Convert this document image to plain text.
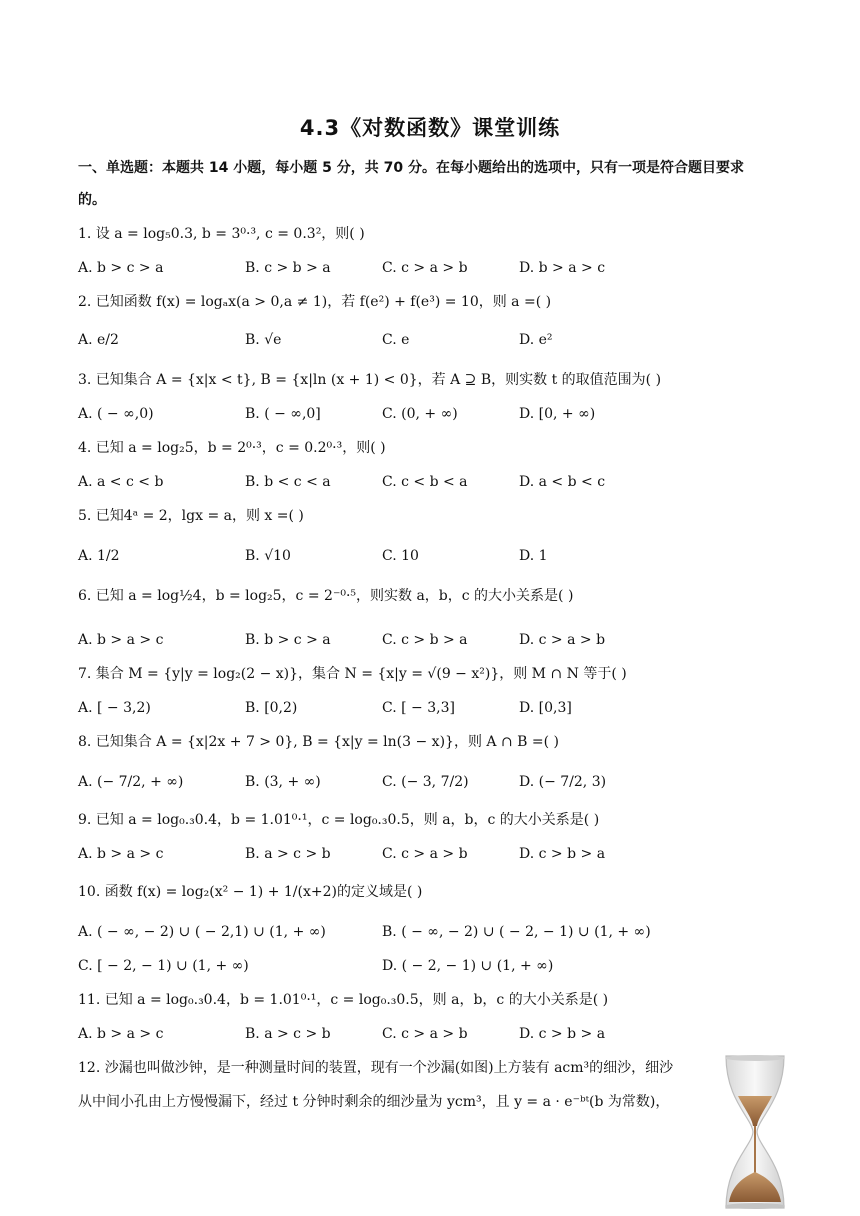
4.3《对数函数》课堂训练
一、单选题：本题共 14 小题，每小题 5 分，共 70 分。在每小题给出的选项中，只有一项是符合题目要求
的。
1. 设 a = log₅0.3, b = 3⁰·³, c = 0.3²，则( )
A. b > c > a	B. c > b > a	C. c > a > b	D. b > a > c
2. 已知函数 f(x) = logₐx(a > 0,a ≠ 1)，若 f(e²) + f(e³) = 10，则 a =( )
A. e/2	B. √e	C. e	D. e²
3. 已知集合 A = {x|x < t}, B = {x|ln (x + 1) < 0}，若 A ⊇ B，则实数 t 的取值范围为( )
A. ( − ∞,0)	B. ( − ∞,0]	C. (0, + ∞)	D. [0, + ∞)
4. 已知 a = log₂5，b = 2⁰·³，c = 0.2⁰·³，则( )
A. a < c < b	B. b < c < a	C. c < b < a	D. a < b < c
5. 已知4ᵃ = 2，lgx = a，则 x =( )
A. 1/2	B. √10	C. 10	D. 1
6. 已知 a = log½4，b = log₂5，c = 2⁻⁰·⁵，则实数 a，b，c 的大小关系是( )
A. b > a > c	B. b > c > a	C. c > b > a	D. c > a > b
7. 集合 M = {y|y = log₂(2 − x)}，集合 N = {x|y = √(9 − x²)}，则 M ∩ N 等于( )
A. [ − 3,2)	B. [0,2)	C. [ − 3,3]	D. [0,3]
8. 已知集合 A = {x|2x + 7 > 0}, B = {x|y = ln(3 − x)}，则 A ∩ B =( )
A. (− 7/2, + ∞)	B. (3, + ∞)	C. (− 3, 7/2)	D. (− 7/2, 3)
9. 已知 a = log₀.₃0.4，b = 1.01⁰·¹，c = log₀.₃0.5，则 a，b，c 的大小关系是( )
A. b > a > c	B. a > c > b	C. c > a > b	D. c > b > a
10. 函数 f(x) = log₂(x² − 1) + 1/(x+2)的定义域是( )
A. ( − ∞, − 2) ∪ ( − 2,1) ∪ (1, + ∞)	B. ( − ∞, − 2) ∪ ( − 2, − 1) ∪ (1, + ∞)
C. [ − 2, − 1) ∪ (1, + ∞)	D. ( − 2, − 1) ∪ (1, + ∞)
11. 已知 a = log₀.₃0.4，b = 1.01⁰·¹，c = log₀.₃0.5，则 a，b，c 的大小关系是( )
A. b > a > c	B. a > c > b	C. c > a > b	D. c > b > a
12. 沙漏也叫做沙钟，是一种测量时间的装置，现有一个沙漏(如图)上方装有 acm³的细沙，细沙
从中间小孔由上方慢慢漏下，经过 t 分钟时剩余的细沙量为 ycm³，且 y = a · e⁻ᵇᵗ(b 为常数)，
